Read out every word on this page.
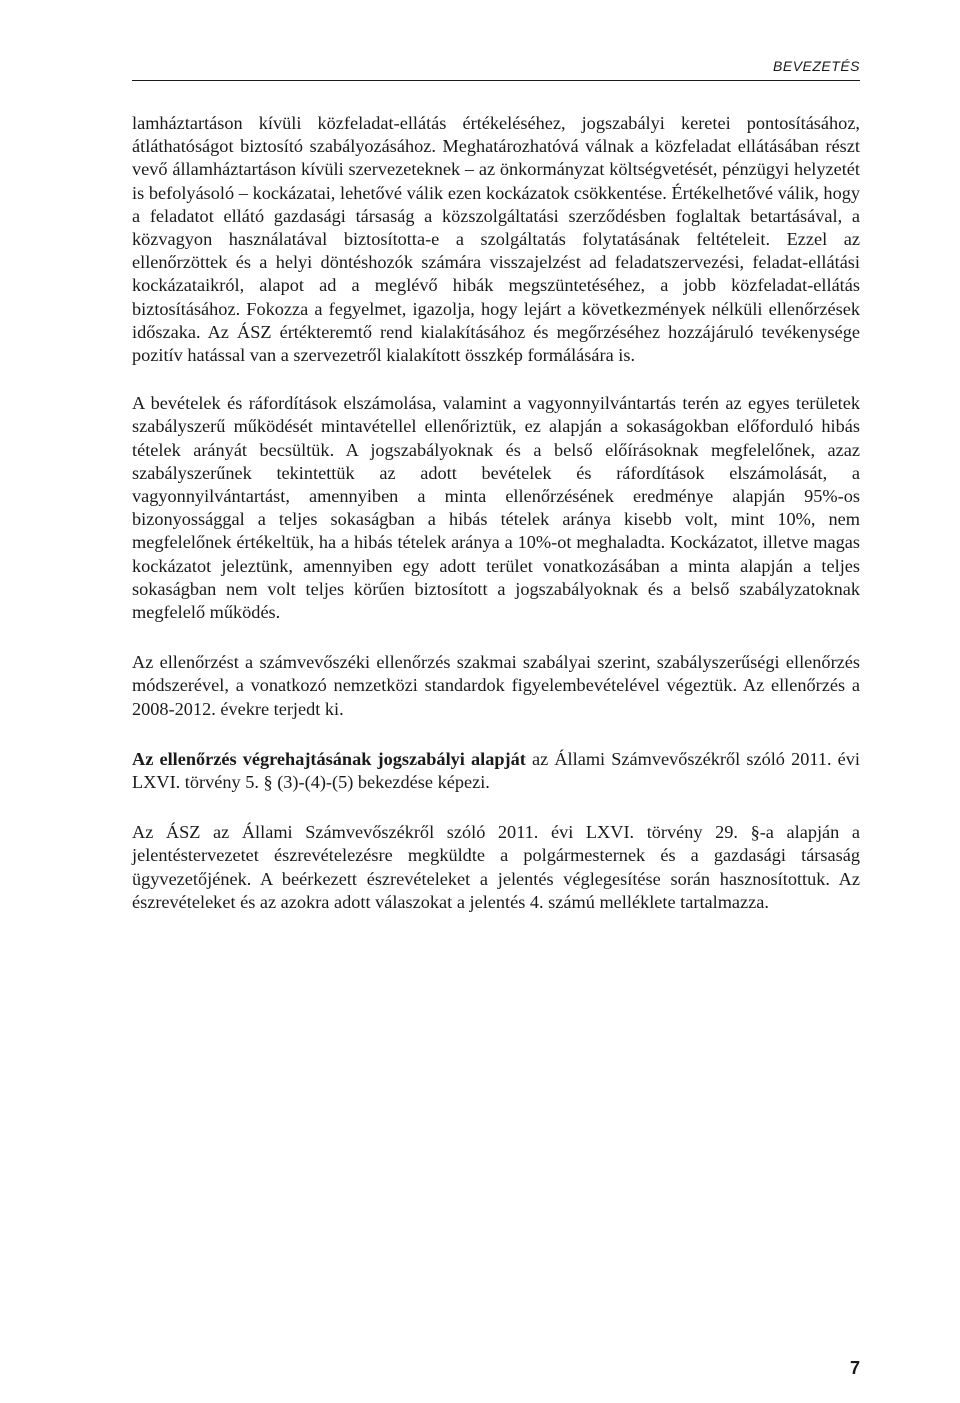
BEVEZETÉS

lamháztartáson kívüli közfeladat-ellátás értékeléséhez, jogszabályi keretei pontosításához, átláthatóságot biztosító szabályozásához. Meghatározhatóvá válnak a közfeladat ellátásában részt vevő államháztartáson kívüli szervezeteknek – az önkormányzat költségvetését, pénzügyi helyzetét is befolyásoló – kockázatai, lehetővé válik ezen kockázatok csökkentése. Értékelhetővé válik, hogy a feladatot ellátó gazdasági társaság a közszolgáltatási szerződésben foglaltak betartásával, a közvagyon használatával biztosította-e a szolgáltatás folytatásának feltételeit. Ezzel az ellenőrzöttek és a helyi döntéshozók számára visszajelzést ad feladatszervezési, feladat-ellátási kockázataikról, alapot ad a meglévő hibák megszüntetéséhez, a jobb közfeladat-ellátás biztosításához. Fokozza a fegyelmet, igazolja, hogy lejárt a következmények nélküli ellenőrzések időszaka. Az ÁSZ értékteremtő rend kialakításához és megőrzéséhez hozzájáruló tevékenysége pozitív hatással van a szervezetről kialakított összkép formálására is.

A bevételek és ráfordítások elszámolása, valamint a vagyonnyilvántartás terén az egyes területek szabályszerű működését mintavétellel ellenőriztük, ez alapján a sokaságokban előforduló hibás tételek arányát becsültük. A jogszabályoknak és a belső előírásoknak megfelelőnek, azaz szabályszerűnek tekintettük az adott bevételek és ráfordítások elszámolását, a vagyonnyilvántartást, amennyiben a minta ellenőrzésének eredménye alapján 95%-os bizonyossággal a teljes sokaságban a hibás tételek aránya kisebb volt, mint 10%, nem megfelelőnek értékeltük, ha a hibás tételek aránya a 10%-ot meghaladta. Kockázatot, illetve magas kockázatot jeleztünk, amennyiben egy adott terület vonatkozásában a minta alapján a teljes sokaságban nem volt teljes körűen biztosított a jogszabályoknak és a belső szabályzatoknak megfelelő működés.

Az ellenőrzést a számvevőszéki ellenőrzés szakmai szabályai szerint, szabályszerűségi ellenőrzés módszerével, a vonatkozó nemzetközi standardok figyelembevételével végeztük. Az ellenőrzés a 2008-2012. évekre terjedt ki.

Az ellenőrzés végrehajtásának jogszabályi alapját az Állami Számvevőszékről szóló 2011. évi LXVI. törvény 5. § (3)-(4)-(5) bekezdése képezi.

Az ÁSZ az Állami Számvevőszékről szóló 2011. évi LXVI. törvény 29. §-a alapján a jelentéstervezetet észrevételezésre megküldte a polgármesternek és a gazdasági társaság ügyvezetőjének. A beérkezett észrevételeket a jelentés véglegesítése során hasznosítottuk. Az észrevételeket és az azokra adott válaszokat a jelentés 4. számú melléklete tartalmazza.

7
